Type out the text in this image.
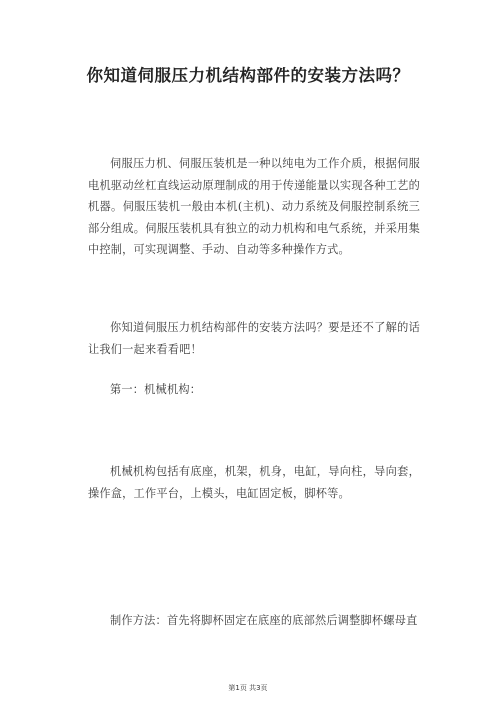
你知道伺服压力机结构部件的安装方法吗？

伺服压力机、伺服压装机是一种以纯电为工作介质，根据伺服电机驱动丝杠直线运动原理制成的用于传递能量以实现各种工艺的机器。伺服压装机一般由本机(主机)、动力系统及伺服控制系统三部分组成。伺服压装机具有独立的动力机构和电气系统，并采用集中控制，可实现调整、手动、自动等多种操作方式。

你知道伺服压力机结构部件的安装方法吗？要是还不了解的话让我们一起来看看吧！

第一：机械机构：

机械机构包括有底座，机架，机身，电缸，导向柱，导向套，操作盒，工作平台，上模头，电缸固定板，脚杯等。

制作方法：首先将脚杯固定在底座的底部然后调整脚杯螺母直

第1页 共3页
